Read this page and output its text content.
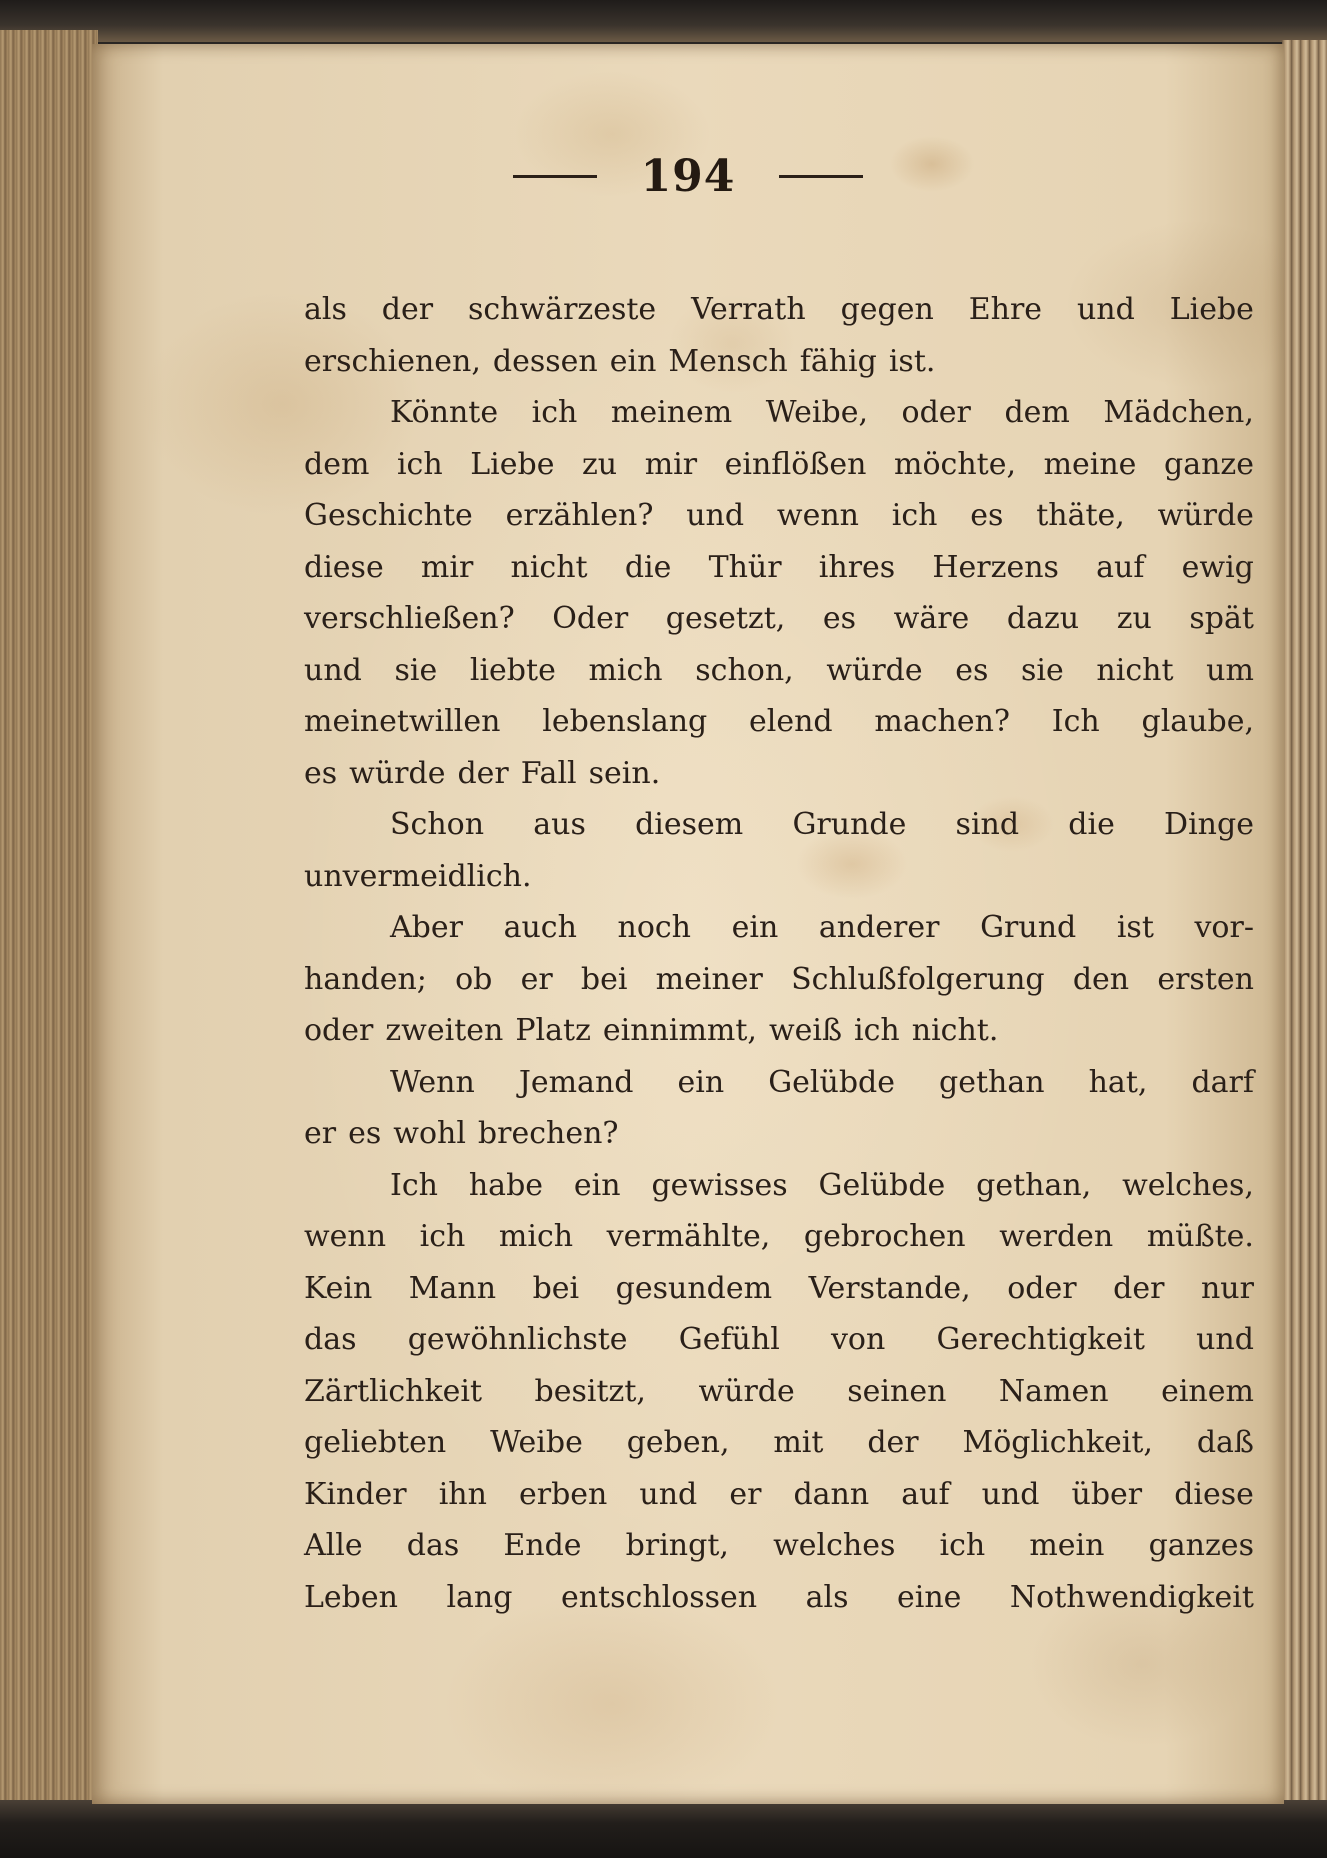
194
als der schwärzeste Verrath gegen Ehre und Liebe
erschienen, dessen ein Mensch fähig ist.
Könnte ich meinem Weibe, oder dem Mädchen,
dem ich Liebe zu mir einflößen möchte, meine ganze
Geschichte erzählen? und wenn ich es thäte, würde
diese mir nicht die Thür ihres Herzens auf ewig
verschließen? Oder gesetzt, es wäre dazu zu spät
und sie liebte mich schon, würde es sie nicht um
meinetwillen lebenslang elend machen? Ich glaube,
es würde der Fall sein.
Schon aus diesem Grunde sind die Dinge
unvermeidlich.
Aber auch noch ein anderer Grund ist vor-
handen; ob er bei meiner Schlußfolgerung den ersten
oder zweiten Platz einnimmt, weiß ich nicht.
Wenn Jemand ein Gelübde gethan hat, darf
er es wohl brechen?
Ich habe ein gewisses Gelübde gethan, welches,
wenn ich mich vermählte, gebrochen werden müßte.
Kein Mann bei gesundem Verstande, oder der nur
das gewöhnlichste Gefühl von Gerechtigkeit und
Zärtlichkeit besitzt, würde seinen Namen einem
geliebten Weibe geben, mit der Möglichkeit, daß
Kinder ihn erben und er dann auf und über diese
Alle das Ende bringt, welches ich mein ganzes
Leben lang entschlossen als eine Nothwendigkeit
